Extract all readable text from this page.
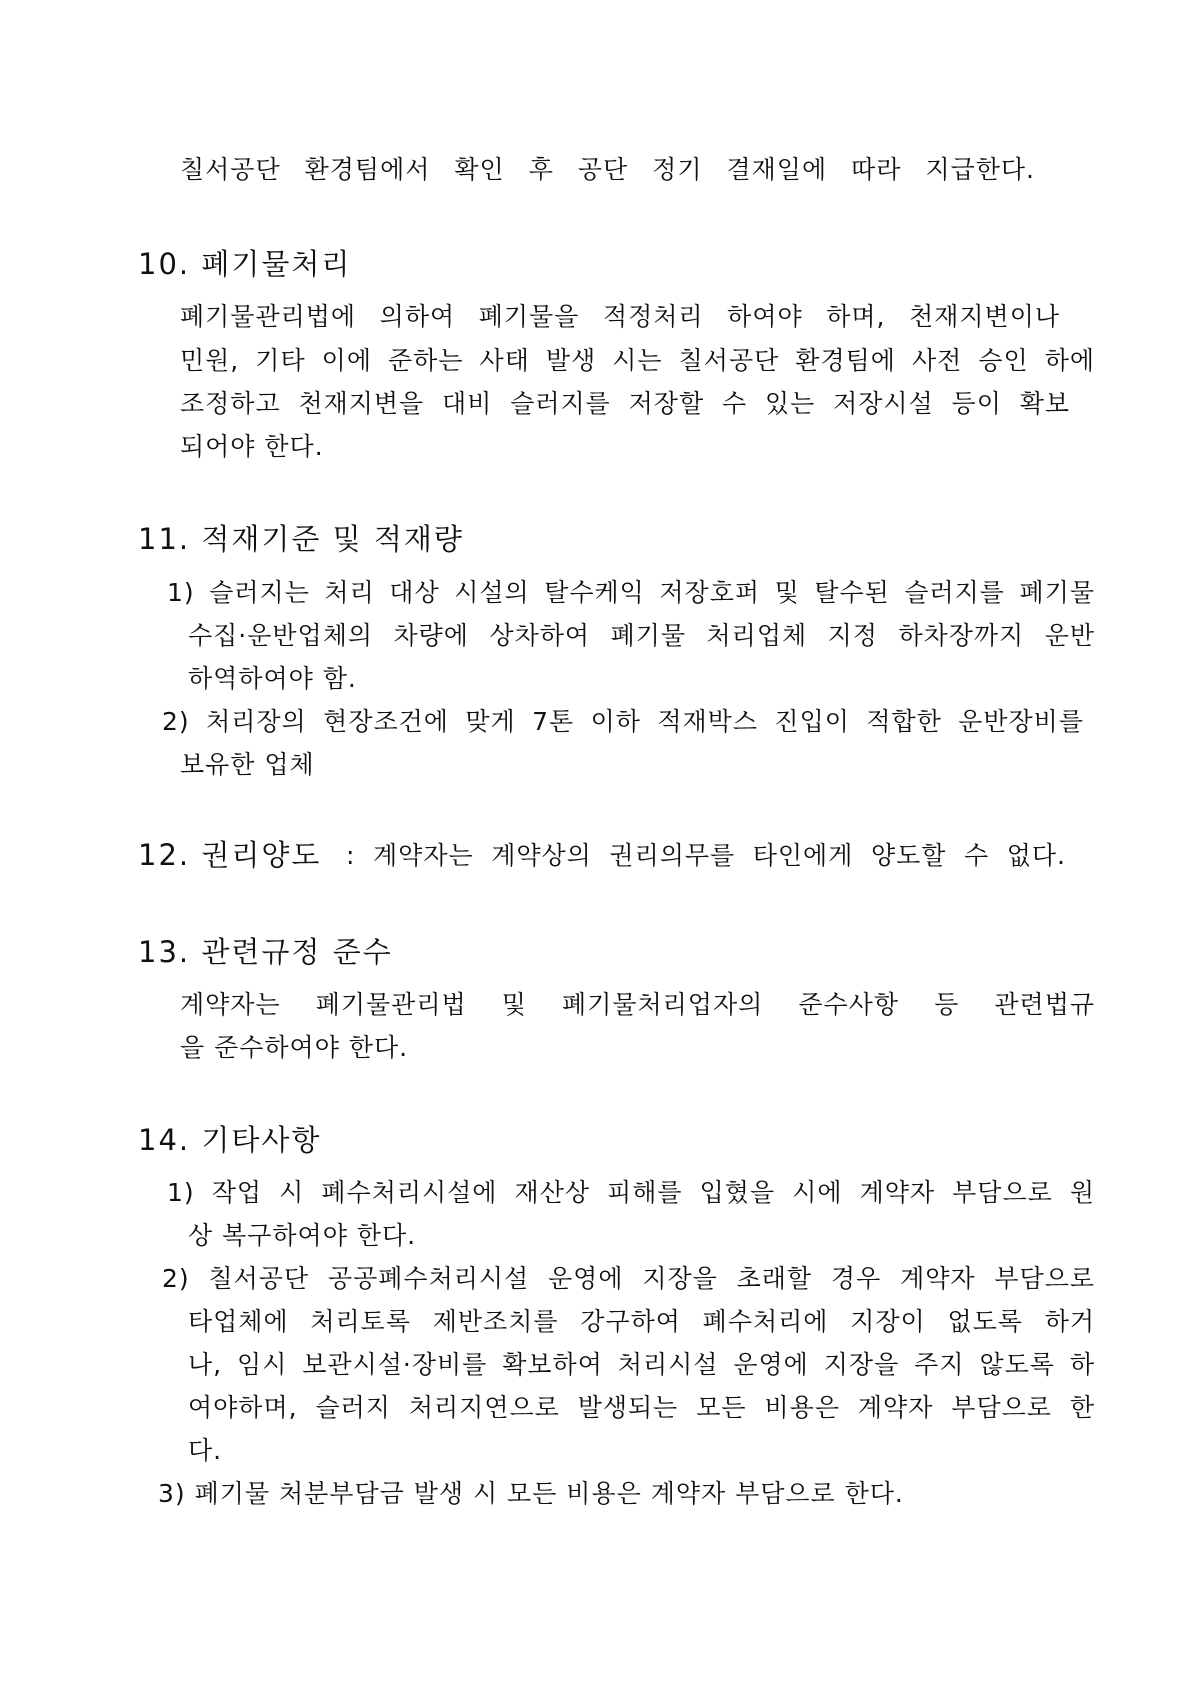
칠서공단 환경팀에서 확인 후 공단 정기 결재일에 따라 지급한다.
10. 폐기물처리
폐기물관리법에 의하여 폐기물을 적정처리 하여야 하며, 천재지변이나
민원, 기타 이에 준하는 사태 발생 시는 칠서공단 환경팀에 사전 승인 하에
조정하고 천재지변을 대비 슬러지를 저장할 수 있는 저장시설 등이 확보
되어야 한다.
11. 적재기준 및 적재량
1) 슬러지는 처리 대상 시설의 탈수케익 저장호퍼 및 탈수된 슬러지를 폐기물
수집·운반업체의 차량에 상차하여 폐기물 처리업체 지정 하차장까지 운반
하역하여야 함.
2) 처리장의 현장조건에 맞게 7톤 이하 적재박스 진입이 적합한 운반장비를
보유한 업체
12. 권리양도 : 계약자는 계약상의 권리의무를 타인에게 양도할 수 없다.
13. 관련규정 준수
계약자는 폐기물관리법 및 폐기물처리업자의 준수사항 등 관련법규
을 준수하여야 한다.
14. 기타사항
1) 작업 시 폐수처리시설에 재산상 피해를 입혔을 시에 계약자 부담으로 원
상 복구하여야 한다.
2) 칠서공단 공공폐수처리시설 운영에 지장을 초래할 경우 계약자 부담으로
타업체에 처리토록 제반조치를 강구하여 폐수처리에 지장이 없도록 하거
나, 임시 보관시설·장비를 확보하여 처리시설 운영에 지장을 주지 않도록 하
여야하며, 슬러지 처리지연으로 발생되는 모든 비용은 계약자 부담으로 한
다.
3) 폐기물 처분부담금 발생 시 모든 비용은 계약자 부담으로 한다.
